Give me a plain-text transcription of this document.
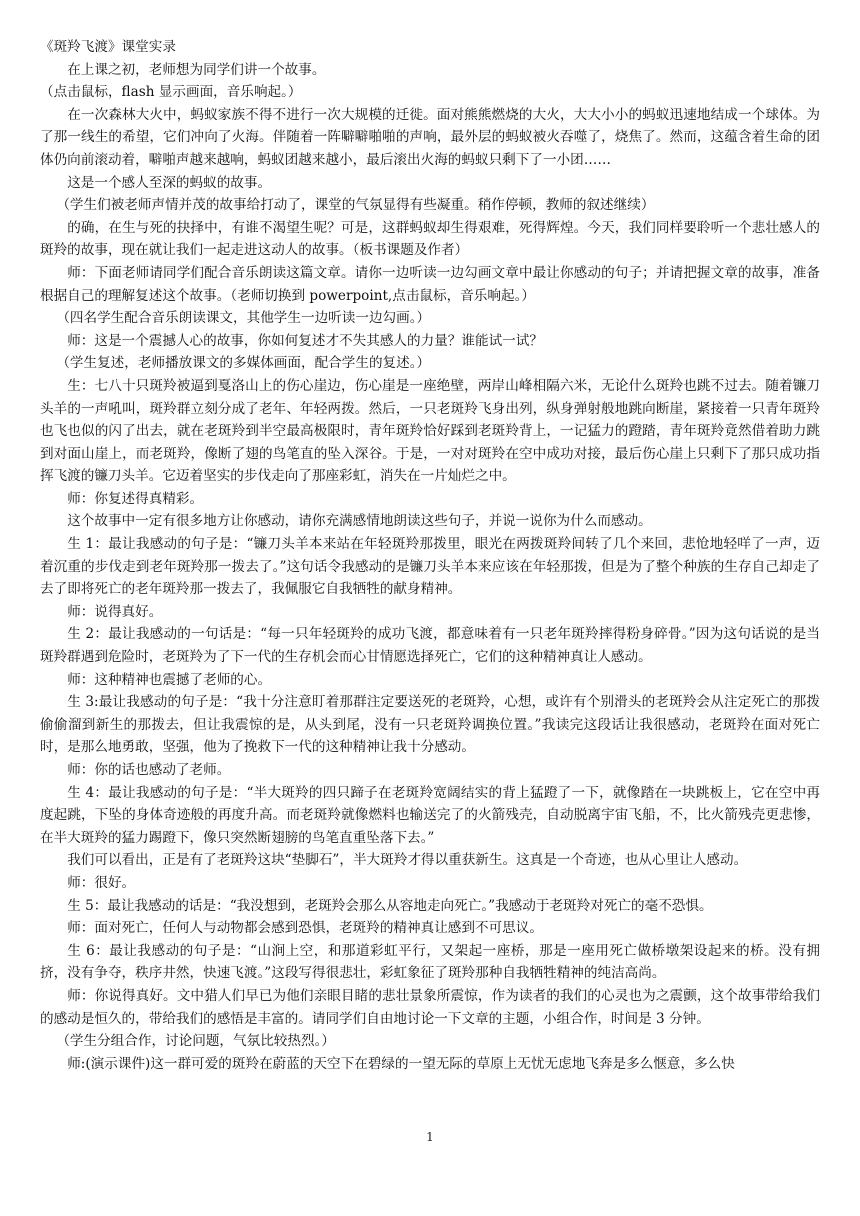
《斑羚飞渡》课堂实录

在上课之初，老师想为同学们讲一个故事。

（点击鼠标，flash 显示画面，音乐响起。）

在一次森林大火中，蚂蚁家族不得不进行一次大规模的迁徙。面对熊熊燃烧的大火，大大小小的蚂蚁迅速地结成一个球体。为了那一线生的希望，它们冲向了火海。伴随着一阵噼噼啪啪的声响，最外层的蚂蚁被火吞噬了，烧焦了。然而，这蕴含着生命的团体仍向前滚动着，噼啪声越来越响，蚂蚁团越来越小，最后滚出火海的蚂蚁只剩下了一小团……

这是一个感人至深的蚂蚁的故事。

（学生们被老师声情并茂的故事给打动了，课堂的气氛显得有些凝重。稍作停顿，教师的叙述继续）

的确，在生与死的抉择中，有谁不渴望生呢？可是，这群蚂蚁却生得艰难，死得辉煌。今天，我们同样要聆听一个悲壮感人的斑羚的故事，现在就让我们一起走进这动人的故事。（板书课题及作者）

师：下面老师请同学们配合音乐朗读这篇文章。请你一边听读一边勾画文章中最让你感动的句子；并请把握文章的故事，准备根据自己的理解复述这个故事。（老师切换到 powerpoint,点击鼠标，音乐响起。）

（四名学生配合音乐朗读课文，其他学生一边听读一边勾画。）

师：这是一个震撼人心的故事，你如何复述才不失其感人的力量？谁能试一试？

（学生复述，老师播放课文的多媒体画面，配合学生的复述。）

生：七八十只斑羚被逼到戛洛山上的伤心崖边，伤心崖是一座绝壁，两岸山峰相隔六米，无论什么斑羚也跳不过去。随着镰刀头羊的一声吼叫，斑羚群立刻分成了老年、年轻两拨。然后，一只老斑羚飞身出列，纵身弹射般地跳向断崖，紧接着一只青年斑羚也飞也似的闪了出去，就在老斑羚到半空最高极限时，青年斑羚恰好踩到老斑羚背上，一记猛力的蹬踏，青年斑羚竟然借着助力跳到对面山崖上，而老斑羚，像断了翅的鸟笔直的坠入深谷。于是，一对对斑羚在空中成功对接，最后伤心崖上只剩下了那只成功指挥飞渡的镰刀头羊。它迈着坚实的步伐走向了那座彩虹，消失在一片灿烂之中。

师：你复述得真精彩。

这个故事中一定有很多地方让你感动，请你充满感情地朗读这些句子，并说一说你为什么而感动。

生 1：最让我感动的句子是：“镰刀头羊本来站在年轻斑羚那拨里，眼光在两拨斑羚间转了几个来回，悲怆地轻咩了一声，迈着沉重的步伐走到老年斑羚那一拨去了。”这句话令我感动的是镰刀头羊本来应该在年轻那拨，但是为了整个种族的生存自己却走了去了即将死亡的老年斑羚那一拨去了，我佩服它自我牺牲的献身精神。

师：说得真好。

生 2：最让我感动的一句话是：“每一只年轻斑羚的成功飞渡，都意味着有一只老年斑羚摔得粉身碎骨。”因为这句话说的是当斑羚群遇到危险时，老斑羚为了下一代的生存机会而心甘情愿选择死亡，它们的这种精神真让人感动。

师：这种精神也震撼了老师的心。

生 3:最让我感动的句子是：“我十分注意盯着那群注定要送死的老斑羚，心想，或许有个别滑头的老斑羚会从注定死亡的那拨偷偷溜到新生的那拨去，但让我震惊的是，从头到尾，没有一只老斑羚调换位置。”我读完这段话让我很感动，老斑羚在面对死亡时，是那么地勇敢，坚强，他为了挽救下一代的这种精神让我十分感动。

师：你的话也感动了老师。

生 4：最让我感动的句子是：“半大斑羚的四只蹄子在老斑羚宽阔结实的背上猛蹬了一下，就像踏在一块跳板上，它在空中再度起跳，下坠的身体奇迹般的再度升高。而老斑羚就像燃料也输送完了的火箭残壳，自动脱离宇宙飞船，不，比火箭残壳更悲惨，在半大斑羚的猛力踢蹬下，像只突然断翅膀的鸟笔直重坠落下去。”

我们可以看出，正是有了老斑羚这块“垫脚石”，半大斑羚才得以重获新生。这真是一个奇迹，也从心里让人感动。

师：很好。

生 5：最让我感动的话是：“我没想到，老斑羚会那么从容地走向死亡。”我感动于老斑羚对死亡的毫不恐惧。

师：面对死亡，任何人与动物都会感到恐惧，老斑羚的精神真让感到不可思议。

生 6：最让我感动的句子是：“山涧上空，和那道彩虹平行，又架起一座桥，那是一座用死亡做桥墩架设起来的桥。没有拥挤，没有争夺，秩序井然，快速飞渡。”这段写得很悲壮，彩虹象征了斑羚那种自我牺牲精神的纯洁高尚。

师：你说得真好。文中猎人们早已为他们亲眼目睹的悲壮景象所震惊，作为读者的我们的心灵也为之震颤，这个故事带给我们的感动是恒久的，带给我们的感悟是丰富的。请同学们自由地讨论一下文章的主题，小组合作，时间是 3 分钟。

（学生分组合作，讨论问题，气氛比较热烈。）

师:(演示课件)这一群可爱的斑羚在蔚蓝的天空下在碧绿的一望无际的草原上无忧无虑地飞奔是多么惬意，多么快

1
